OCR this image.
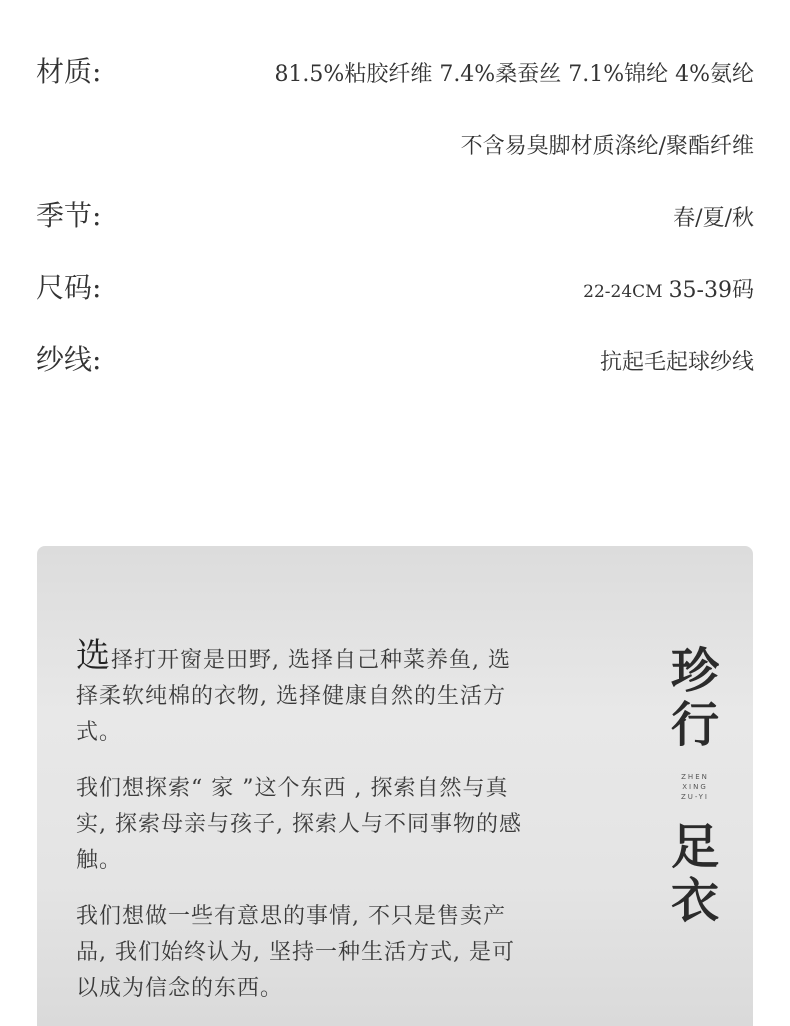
材质:	81.5%粘胶纤维 7.4%桑蚕丝 7.1%锦纶 4%氨纶
不含易臭脚材质涤纶/聚酯纤维
季节:	春/夏/秋
尺码:	22-24CM 35-39码
纱线:	抗起毛起球纱线

选择打开窗是田野, 选择自己种菜养鱼, 选择柔软纯棉的衣物, 选择健康自然的生活方式。

我们想探索“ 家 ”这个东西 , 探索自然与真实, 探索母亲与孩子, 探索人与不同事物的感触。

我们想做一些有意思的事情, 不只是售卖产品, 我们始终认为, 坚持一种生活方式, 是可以成为信念的东西。

珍
行
ZHEN
XING
ZU-YI
足
衣
